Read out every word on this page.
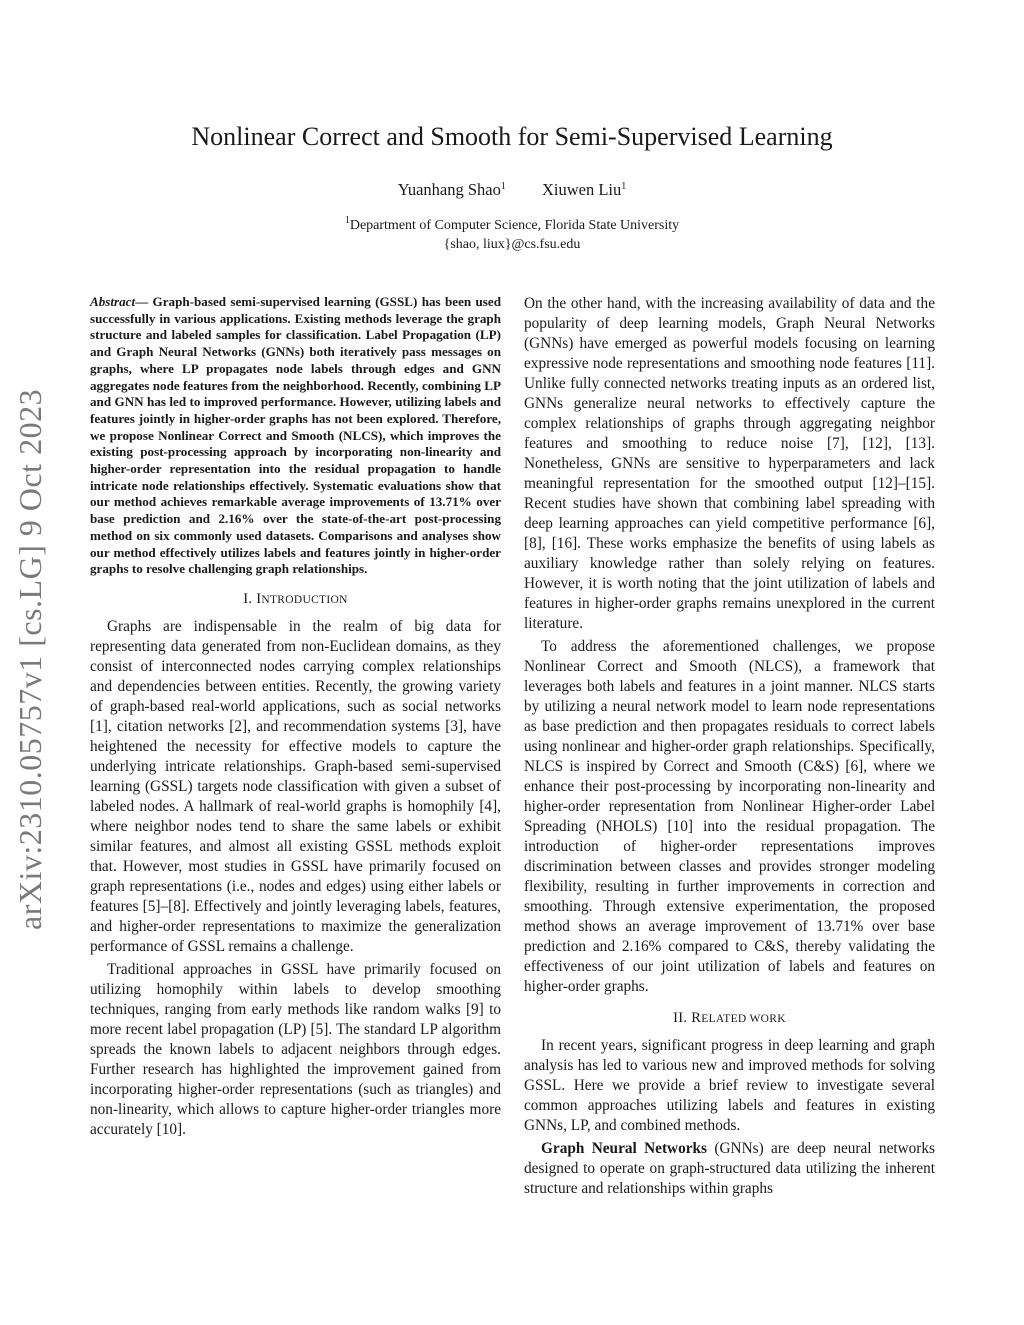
arXiv:2310.05757v1 [cs.LG] 9 Oct 2023
Nonlinear Correct and Smooth for Semi-Supervised Learning
Yuanhang Shao$^1$ Xiuwen Liu$^1$
$^1$Department of Computer Science, Florida State University
{shao, liux}@cs.fsu.edu

Abstract— Graph-based semi-supervised learning (GSSL) has been used successfully in various applications. Existing methods leverage the graph structure and labeled samples for classification. Label Propagation (LP) and Graph Neural Networks (GNNs) both iteratively pass messages on graphs, where LP propagates node labels through edges and GNN aggregates node features from the neighborhood. Recently, combining LP and GNN has led to improved performance. However, utilizing labels and features jointly in higher-order graphs has not been explored. Therefore, we propose Nonlinear Correct and Smooth (NLCS), which improves the existing post-processing approach by incorporating non-linearity and higher-order representation into the residual propagation to handle intricate node relationships effectively. Systematic evaluations show that our method achieves remarkable average improvements of 13.71% over base prediction and 2.16% over the state-of-the-art post-processing method on six commonly used datasets. Comparisons and analyses show our method effectively utilizes labels and features jointly in higher-order graphs to resolve challenging graph relationships.

I. INTRODUCTION

Graphs are indispensable in the realm of big data for representing data generated from non-Euclidean domains, as they consist of interconnected nodes carrying complex relationships and dependencies between entities. Recently, the growing variety of graph-based real-world applications, such as social networks [1], citation networks [2], and recommendation systems [3], have heightened the necessity for effective models to capture the underlying intricate relationships. Graph-based semi-supervised learning (GSSL) targets node classification with given a subset of labeled nodes. A hallmark of real-world graphs is homophily [4], where neighbor nodes tend to share the same labels or exhibit similar features, and almost all existing GSSL methods exploit that. However, most studies in GSSL have primarily focused on graph representations (i.e., nodes and edges) using either labels or features [5]–[8]. Effectively and jointly leveraging labels, features, and higher-order representations to maximize the generalization performance of GSSL remains a challenge.

Traditional approaches in GSSL have primarily focused on utilizing homophily within labels to develop smoothing techniques, ranging from early methods like random walks [9] to more recent label propagation (LP) [5]. The standard LP algorithm spreads the known labels to adjacent neighbors through edges. Further research has highlighted the improvement gained from incorporating higher-order representations (such as triangles) and non-linearity, which allows to capture higher-order triangles more accurately [10].

On the other hand, with the increasing availability of data and the popularity of deep learning models, Graph Neural Networks (GNNs) have emerged as powerful models focusing on learning expressive node representations and smoothing node features [11]. Unlike fully connected networks treating inputs as an ordered list, GNNs generalize neural networks to effectively capture the complex relationships of graphs through aggregating neighbor features and smoothing to reduce noise [7], [12], [13]. Nonetheless, GNNs are sensitive to hyperparameters and lack meaningful representation for the smoothed output [12]–[15]. Recent studies have shown that combining label spreading with deep learning approaches can yield competitive performance [6], [8], [16]. These works emphasize the benefits of using labels as auxiliary knowledge rather than solely relying on features. However, it is worth noting that the joint utilization of labels and features in higher-order graphs remains unexplored in the current literature.

To address the aforementioned challenges, we propose Nonlinear Correct and Smooth (NLCS), a framework that leverages both labels and features in a joint manner. NLCS starts by utilizing a neural network model to learn node representations as base prediction and then propagates residuals to correct labels using nonlinear and higher-order graph relationships. Specifically, NLCS is inspired by Correct and Smooth (C&S) [6], where we enhance their post-processing by incorporating non-linearity and higher-order representation from Nonlinear Higher-order Label Spreading (NHOLS) [10] into the residual propagation. The introduction of higher-order representations improves discrimination between classes and provides stronger modeling flexibility, resulting in further improvements in correction and smoothing. Through extensive experimentation, the proposed method shows an average improvement of 13.71% over base prediction and 2.16% compared to C&S, thereby validating the effectiveness of our joint utilization of labels and features on higher-order graphs.

II. RELATED WORK

In recent years, significant progress in deep learning and graph analysis has led to various new and improved methods for solving GSSL. Here we provide a brief review to investigate several common approaches utilizing labels and features in existing GNNs, LP, and combined methods.

Graph Neural Networks (GNNs) are deep neural networks designed to operate on graph-structured data utilizing the inherent structure and relationships within graphs
